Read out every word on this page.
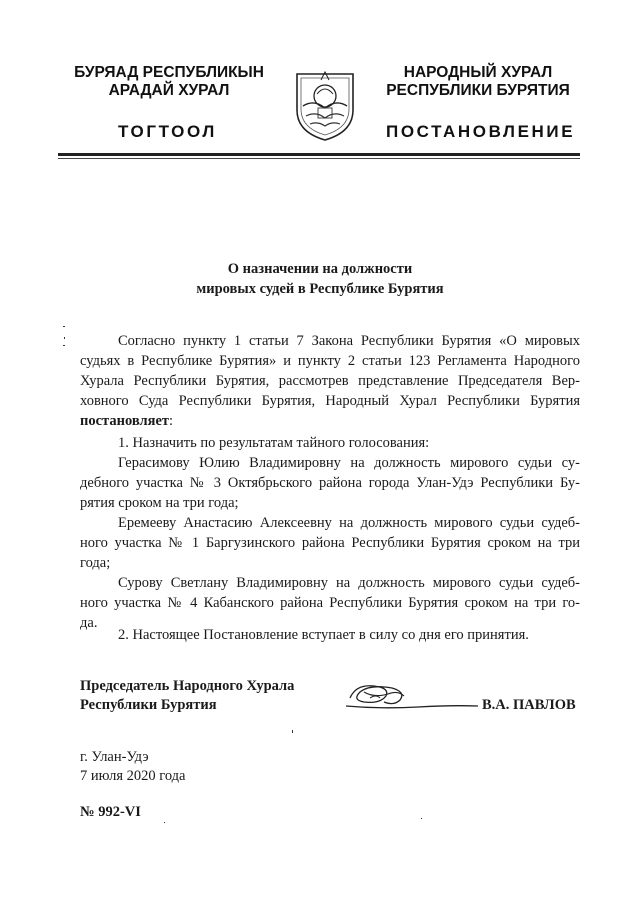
БУРЯАД РЕСПУБЛИКЫН
АРАДАЙ ХУРАЛ
ТОГТООЛ
НАРОДНЫЙ ХУРАЛ
РЕСПУБЛИКИ БУРЯТИЯ
ПОСТАНОВЛЕНИЕ
О назначении на должности
мировых судей в Республике Бурятия
Согласно пункту 1 статьи 7 Закона Республики Бурятия «О мировых
судьях в Республике Бурятия» и пункту 2 статьи 123 Регламента Народного
Хурала Республики Бурятия, рассмотрев представление Председателя Вер-
ховного Суда Республики Бурятия, Народный Хурал Республики Бурятия
постановляет:
1. Назначить по результатам тайного голосования:
Герасимову Юлию Владимировну на должность мирового судьи су-
дебного участка № 3 Октябрьского района города Улан-Удэ Республики Бу-
рятия сроком на три года;
Еремееву Анастасию Алексеевну на должность мирового судьи судеб-
ного участка № 1 Баргузинского района Республики Бурятия сроком на три
года;
Сурову Светлану Владимировну на должность мирового судьи судеб-
ного участка № 4 Кабанского района Республики Бурятия сроком на три го-
да.
2. Настоящее Постановление вступает в силу со дня его принятия.
Председатель Народного Хурала
Республики Бурятия	В.А. ПАВЛОВ
г. Улан-Удэ
7 июля 2020 года
№ 992-VI
